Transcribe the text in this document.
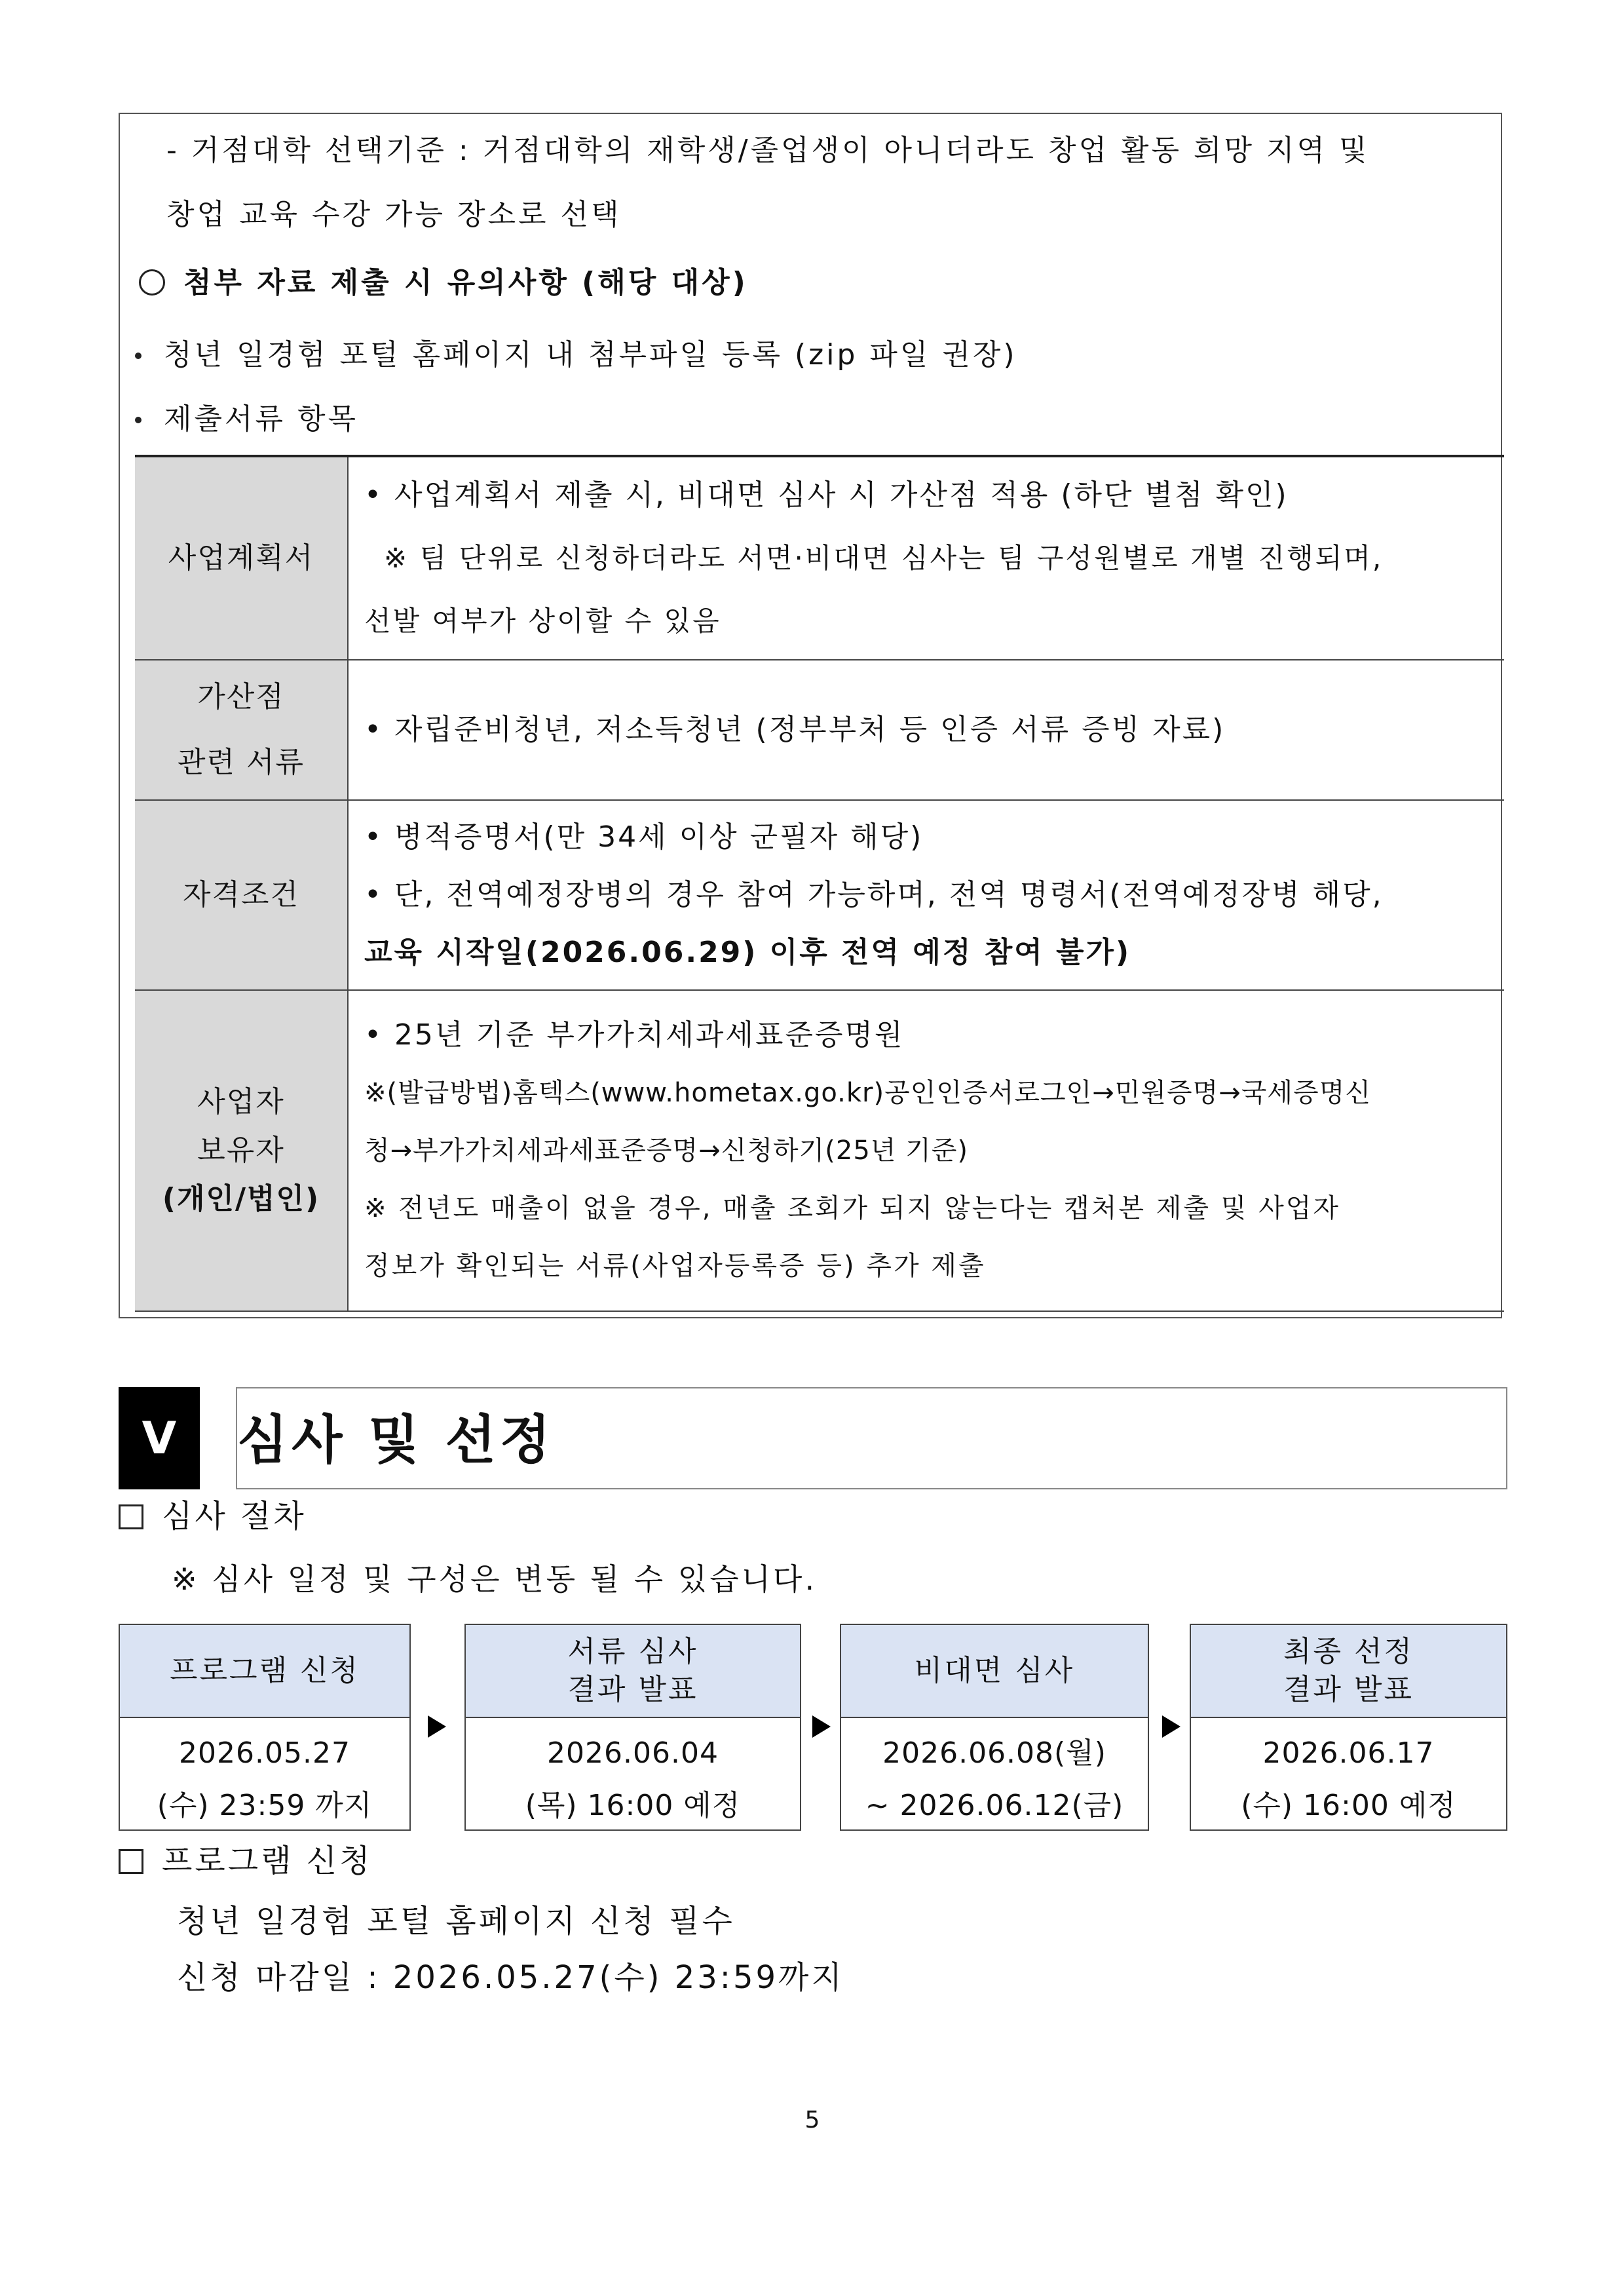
- 거점대학 선택기준 : 거점대학의 재학생/졸업생이 아니더라도 창업 활동 희망 지역 및
창업 교육 수강 가능 장소로 선택
첨부 자료 제출 시 유의사항 (해당 대상)
청년 일경험 포털 홈페이지 내 첨부파일 등록 (zip 파일 권장)
제출서류 항목
사업계획서	• 사업계획서 제출 시, 비대면 심사 시 가산점 적용 (하단 별첨 확인)
※ 팀 단위로 신청하더라도 서면·비대면 심사는 팀 구성원별로 개별 진행되며,
선발 여부가 상이할 수 있음

가산점
관련 서류	• 자립준비청년, 저소득청년 (정부부처 등 인증 서류 증빙 자료)

자격조건	• 병적증명서(만 34세 이상 군필자 해당)
• 단, 전역예정장병의 경우 참여 가능하며, 전역 명령서(전역예정장병 해당,
교육 시작일(2026.06.29) 이후 전역 예정 참여 불가)

사업자
보유자
(개인/법인)	• 25년 기준 부가가치세과세표준증명원
※(발급방법)홈텍스(www.hometax.go.kr)공인인증서로그인→민원증명→국세증명신
청→부가가치세과세표준증명→신청하기(25년 기준)
※ 전년도 매출이 없을 경우, 매출 조회가 되지 않는다는 캡처본 제출 및 사업자
정보가 확인되는 서류(사업자등록증 등) 추가 제출
V	심사 및 선정
심사 절차
※ 심사 일정 및 구성은 변동 될 수 있습니다.
프로그램 신청
2026.05.27
(수) 23:59 까지
서류 심사
결과 발표
2026.06.04
(목) 16:00 예정
비대면 심사
2026.06.08(월)
~ 2026.06.12(금)
최종 선정
결과 발표
2026.06.17
(수) 16:00 예정
프로그램 신청
청년 일경험 포털 홈페이지 신청 필수
신청 마감일 : 2026.05.27(수) 23:59까지
5
